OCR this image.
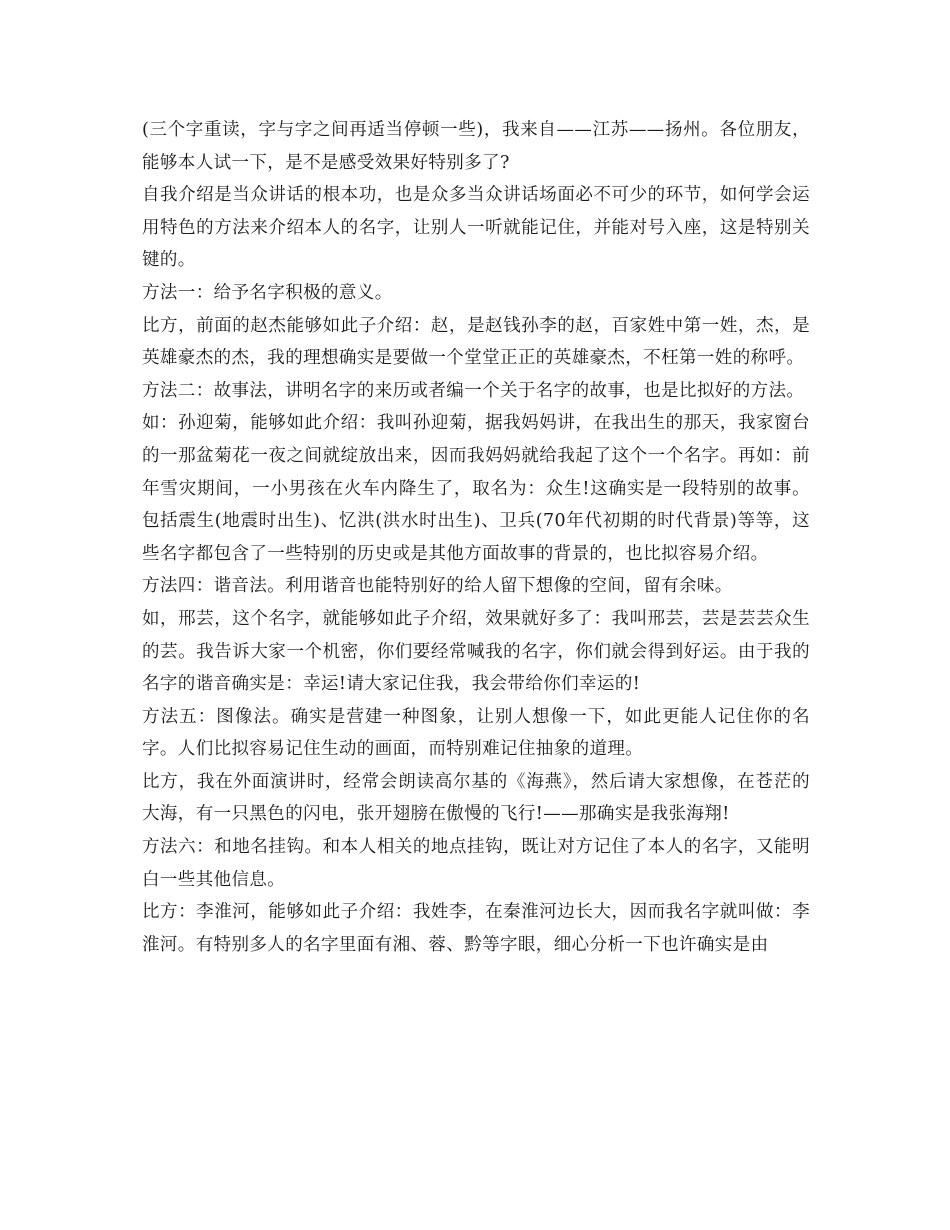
(三个字重读，字与字之间再适当停顿一些)，我来自——江苏——扬州。各位朋友，能够本人试一下，是不是感受效果好特别多了?

自我介绍是当众讲话的根本功，也是众多当众讲话场面必不可少的环节，如何学会运用特色的方法来介绍本人的名字，让别人一听就能记住，并能对号入座，这是特别关键的。

方法一：给予名字积极的意义。

比方，前面的赵杰能够如此子介绍：赵，是赵钱孙李的赵，百家姓中第一姓，杰，是英雄豪杰的杰，我的理想确实是要做一个堂堂正正的英雄豪杰，不枉第一姓的称呼。

方法二：故事法，讲明名字的来历或者编一个关于名字的故事，也是比拟好的方法。

如：孙迎菊，能够如此介绍：我叫孙迎菊，据我妈妈讲，在我出生的那天，我家窗台的一那盆菊花一夜之间就绽放出来，因而我妈妈就给我起了这个一个名字。再如：前年雪灾期间，一小男孩在火车内降生了，取名为：众生!这确实是一段特别的故事。包括震生(地震时出生)、忆洪(洪水时出生)、卫兵(70年代初期的时代背景)等等，这些名字都包含了一些特别的历史或是其他方面故事的背景的，也比拟容易介绍。

方法四：谐音法。利用谐音也能特别好的给人留下想像的空间，留有余味。

如，邢芸，这个名字，就能够如此子介绍，效果就好多了：我叫邢芸，芸是芸芸众生的芸。我告诉大家一个机密，你们要经常喊我的名字，你们就会得到好运。由于我的名字的谐音确实是：幸运!请大家记住我，我会带给你们幸运的!

方法五：图像法。确实是营建一种图象，让别人想像一下，如此更能人记住你的名字。人们比拟容易记住生动的画面，而特别难记住抽象的道理。

比方，我在外面演讲时，经常会朗读高尔基的《海燕》，然后请大家想像，在苍茫的大海，有一只黑色的闪电，张开翅膀在傲慢的飞行!——那确实是我张海翔!

方法六：和地名挂钩。和本人相关的地点挂钩，既让对方记住了本人的名字，又能明白一些其他信息。

比方：李淮河，能够如此子介绍：我姓李，在秦淮河边长大，因而我名字就叫做：李淮河。有特别多人的名字里面有湘、蓉、黔等字眼，细心分析一下也许确实是由
